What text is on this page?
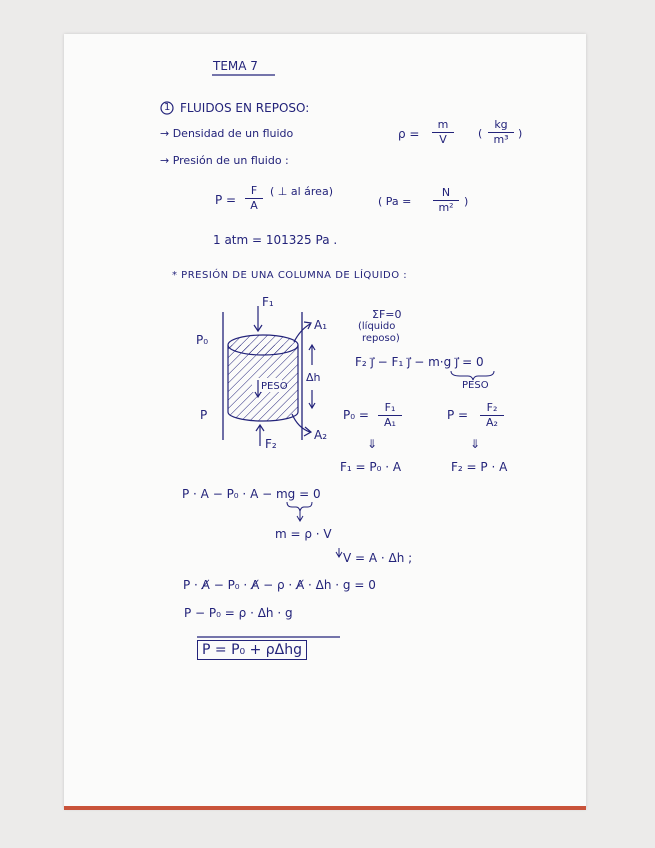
TEMA 7
1 FLUIDOS EN REPOSO:
→ Densidad de un fluido	$\rho = \frac{m}{V}$ ( $\frac{kg}{\text{m³}}$ )
→ Presión de un fluido :
$P = \frac{F}{A}$ ( ⊥ al área)
( $Pa = \frac{N}{\text{m²}}$ )
1 atm = 101325 Pa .
* PRESIÓN DE UNA COLUMNA DE LÍQUIDO :
F₁
A₁
P₀
Δh
PESO
P
A₂
F₂
ΣF=0
(líquido
reposo)
F₂ j⃗ − F₁ j⃗ − m·g j⃗ = 0
PESO
$P_0 = \frac{\text{F₁}}{\text{A₁}}$	$P = \frac{\text{F₂}}{\text{A₂}}$
⇓	⇓
F₁ = P₀ · A	F₂ = P · A
P · A − P₀ · A − mg = 0
m = ρ · V
V = A · Δh ;
P · A̸ − P₀ · A̸ − ρ · A̸ · Δh · g = 0
P − P₀ = ρ · Δh · g
P = P₀ + ρΔhg
